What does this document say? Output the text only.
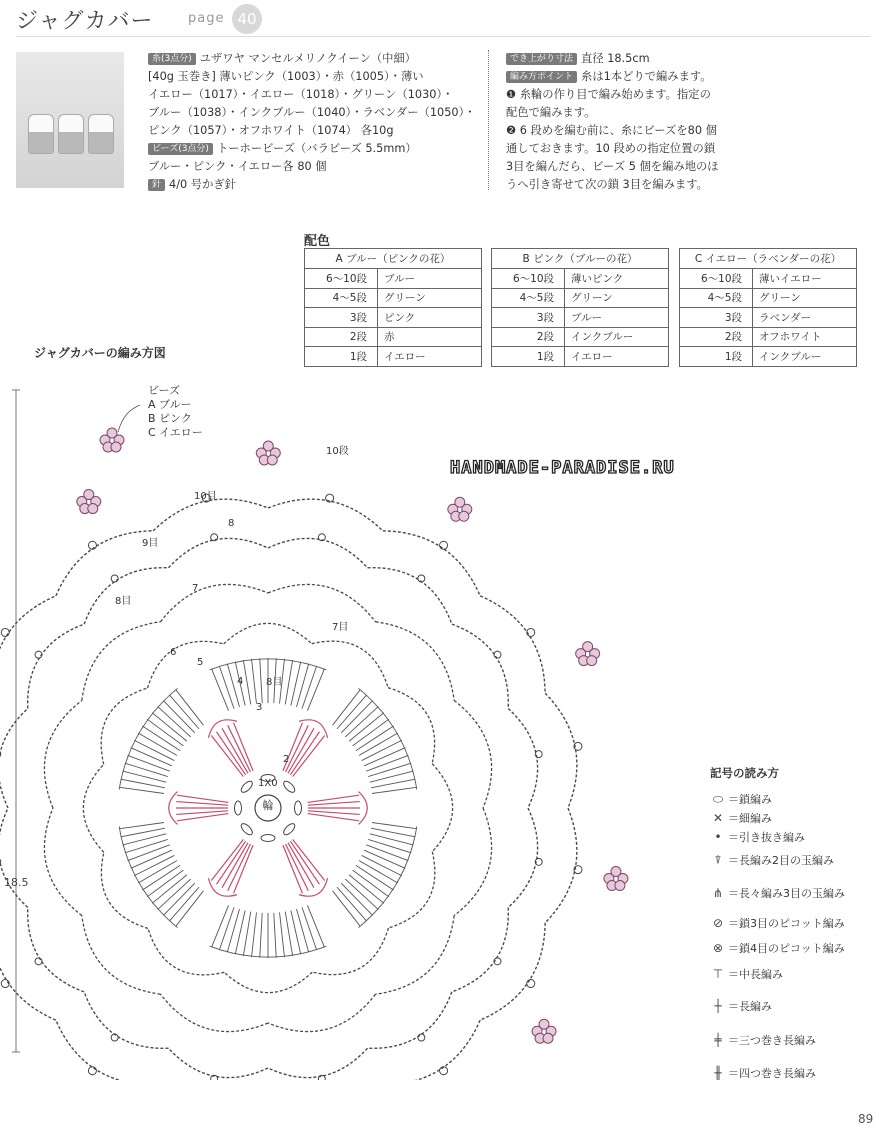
ジャグカバー	page 40
糸(3点分) ユザワヤ マンセルメリノクイーン（中細）
[40g 玉巻き] 薄いピンク（1003）・赤（1005）・薄い
イエロー（1017）・イエロー（1018）・グリーン（1030）・
ブルー（1038）・インクブルー（1040）・ラベンダー（1050）・
ピンク（1057）・オフホワイト（1074） 各10g
ビーズ(3点分) トーホービーズ（バラビーズ 5.5mm）
ブルー・ピンク・イエロー各 80 個
針 4/0 号かぎ針
でき上がり寸法 直径 18.5cm
編み方ポイント 糸は1本どりで編みます。
❶ 糸輪の作り目で編み始めます。指定の
配色で編みます。
❷ 6 段めを編む前に、糸にビーズを80 個
通しておきます。10 段めの指定位置の鎖
3目を編んだら、ビーズ 5 個を編み地のほ
うへ引き寄せて次の鎖 3目を編みます。
配色
A ブルー（ピンクの花）	
6〜10段	ブルー
4〜5段	グリーン
3段	ピンク
2段	赤
1段	イエロー
B ピンク（ブルーの花）	
6〜10段	薄いピンク
4〜5段	グリーン
3段	ブルー
2段	インクブルー
1段	イエロー
C イエロー（ラベンダーの花）	
6〜10段	薄いイエロー
4〜5段	グリーン
3段	ラベンダー
2段	オフホワイト
1段	インクブルー
ジャグカバーの編み方図
輪
1X0
ビーズ
A ブルー
B ピンク
C イエロー
10段
10目
9目
8目
7目
8目
8
7
6
5
4
3
2
18.5
HANDMADE-PARADISE.RU
記号の読み方
⬭ ＝鎖編み
✕ ＝細編み
• ＝引き抜き編み
⍒ ＝長編み2目の玉編み
⋔ ＝長々編み3目の玉編み
⊘ ＝鎖3目のピコット編み
⊗ ＝鎖4目のピコット編み
⊤ ＝中長編み
┼ ＝長編み
╪ ＝三つ巻き長編み
╫ ＝四つ巻き長編み
89
